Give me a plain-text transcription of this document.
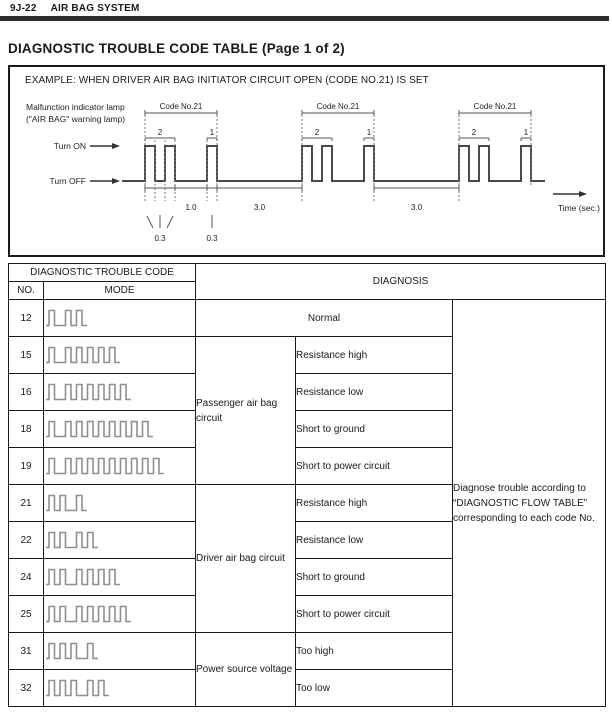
9J-22 AIR BAG SYSTEM
DIAGNOSTIC TROUBLE CODE TABLE (Page 1 of 2)
EXAMPLE: WHEN DRIVER AIR BAG INITIATOR CIRCUIT OPEN (CODE NO.21) IS SET
Code No.21
2	1
Code No.21
2	1
Code No.21
2	1
1.0	3.0	3.0
0.3	0.3
Malfunction indicator lamp
("AIR BAG" warning lamp)
Turn ON
Turn OFF
Time (sec.)
DIAGNOSTIC TROUBLE CODE		DIAGNOSIS		
NO.	MODE			
12		Normal		Diagnose trouble according to “DIAGNOSTIC FLOW TABLE” corresponding to each code No.
15		Passenger air bag circuit	Resistance high	
16			Resistance low	
18			Short to ground	
19			Short to power circuit	
21		Driver air bag circuit	Resistance high	
22			Resistance low	
24			Short to ground	
25			Short to power circuit	
31		Power source voltage	Too high	
32			Too low	
